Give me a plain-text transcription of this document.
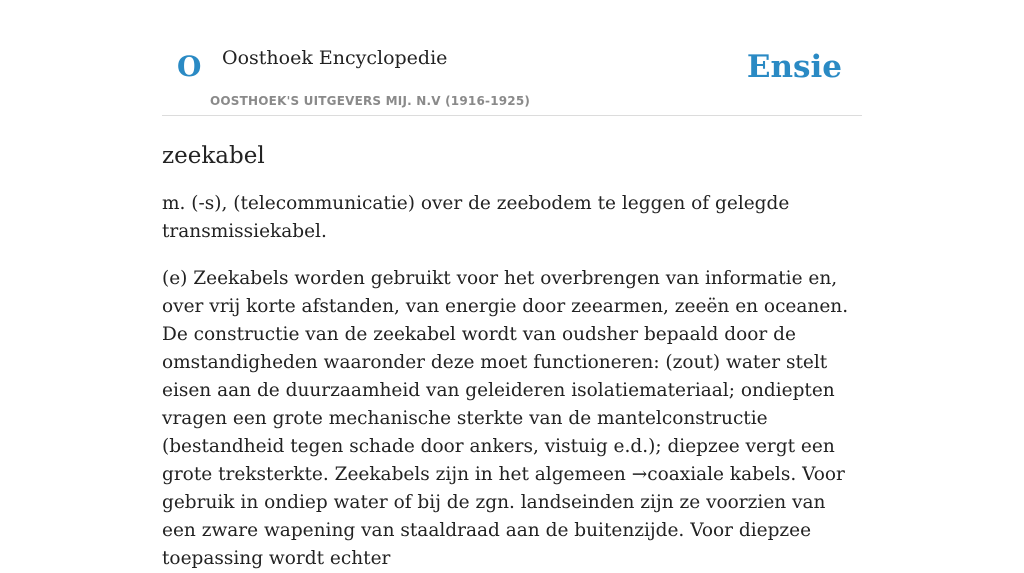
O Oosthoek Encyclopedie
OOSTHOEK'S UITGEVERS MIJ. N.V (1916-1925)
Ensie
zeekabel

m. (-s), (telecommunicatie) over de zeebodem te leggen of gelegde transmissiekabel.

(e) Zeekabels worden gebruikt voor het overbrengen van informatie en, over vrij korte afstanden, van energie door zeearmen, zeeën en oceanen. De constructie van de zeekabel wordt van oudsher bepaald door de omstandigheden waaronder deze moet functioneren: (zout) water stelt eisen aan de duurzaamheid van geleideren isolatiemateriaal; ondiepten vragen een grote mechanische sterkte van de mantelconstructie (bestandheid tegen schade door ankers, vistuig e.d.); diepzee vergt een grote treksterkte. Zeekabels zijn in het algemeen →coaxiale kabels. Voor gebruik in ondiep water of bij de zgn. landseinden zijn ze voorzien van een zware wapening van staaldraad aan de buitenzijde. Voor diepzee toepassing wordt echter
